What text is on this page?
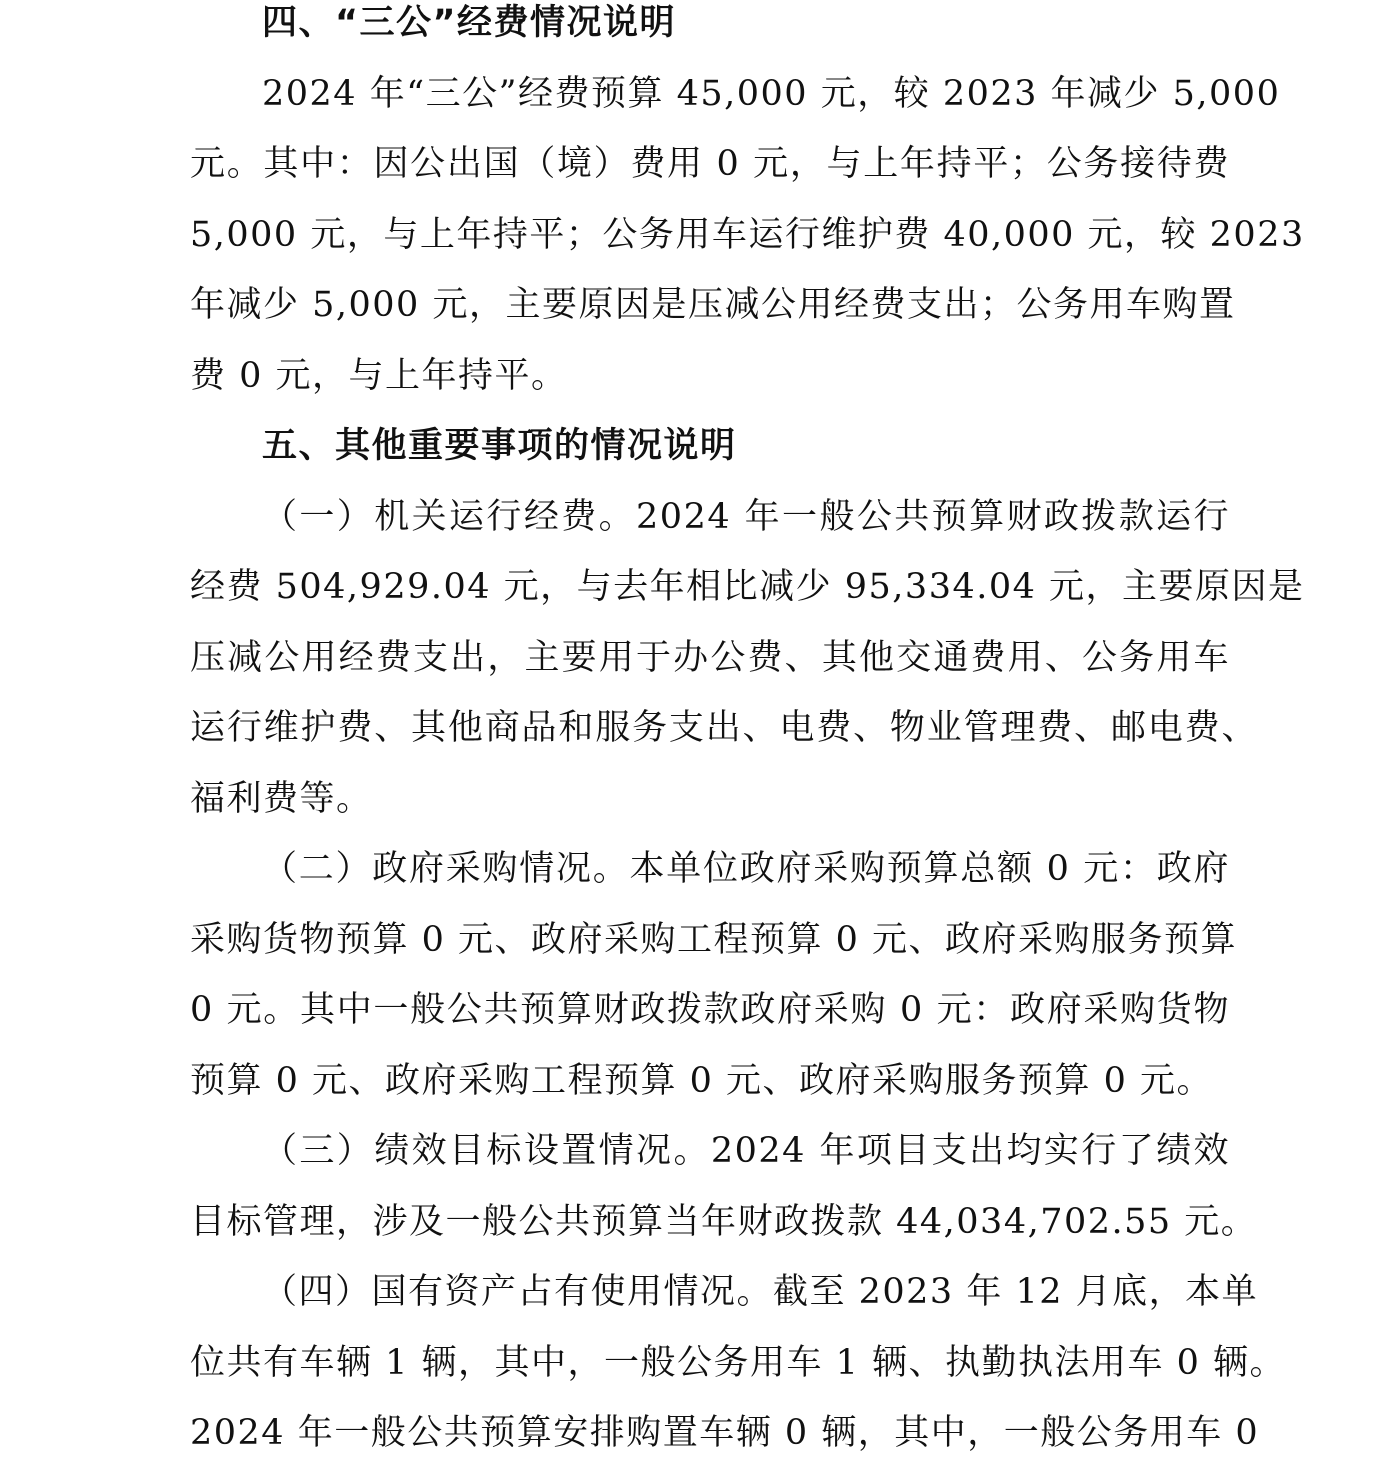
四、“三公”经费情况说明
2024 年“三公”经费预算 45,000 元，较 2023 年减少 5,000
元。其中：因公出国（境）费用 0 元，与上年持平；公务接待费
5,000 元，与上年持平；公务用车运行维护费 40,000 元，较 2023
年减少 5,000 元，主要原因是压减公用经费支出；公务用车购置
费 0 元，与上年持平。
五、其他重要事项的情况说明
（一）机关运行经费。2024 年一般公共预算财政拨款运行
经费 504,929.04 元，与去年相比减少 95,334.04 元，主要原因是
压减公用经费支出，主要用于办公费、其他交通费用、公务用车
运行维护费、其他商品和服务支出、电费、物业管理费、邮电费、
福利费等。
（二）政府采购情况。本单位政府采购预算总额 0 元：政府
采购货物预算 0 元、政府采购工程预算 0 元、政府采购服务预算
0 元。其中一般公共预算财政拨款政府采购 0 元：政府采购货物
预算 0 元、政府采购工程预算 0 元、政府采购服务预算 0 元。
（三）绩效目标设置情况。2024 年项目支出均实行了绩效
目标管理，涉及一般公共预算当年财政拨款 44,034,702.55 元。
（四）国有资产占有使用情况。截至 2023 年 12 月底，本单
位共有车辆 1 辆，其中，一般公务用车 1 辆、执勤执法用车 0 辆。
2024 年一般公共预算安排购置车辆 0 辆，其中，一般公务用车 0
